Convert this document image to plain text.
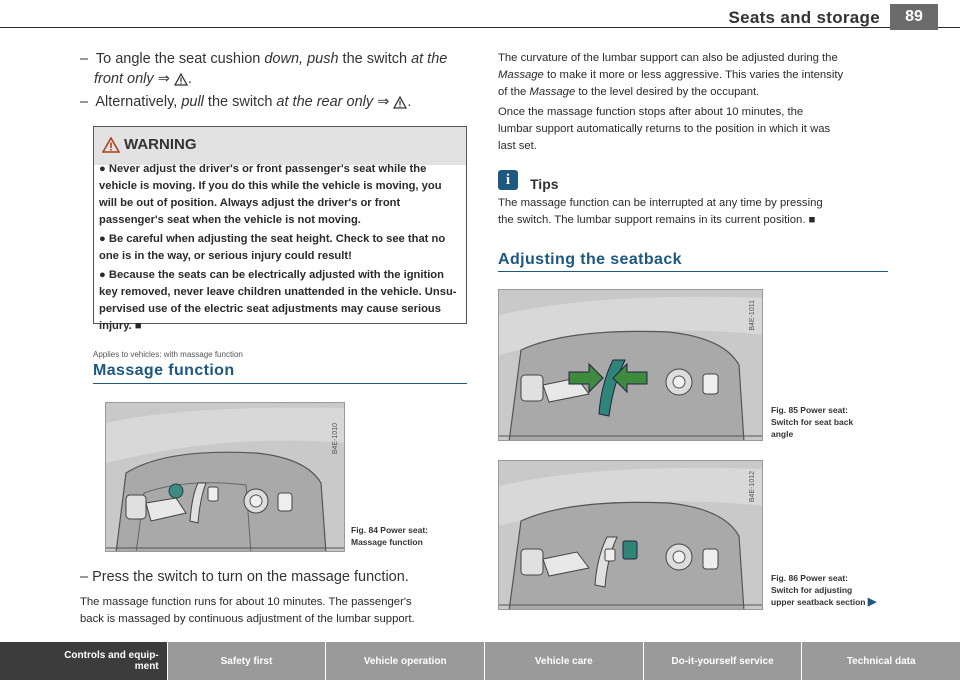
Seats and storage	89
– To angle the seat cushion down, push the switch at the
front only ⇒ .
– Alternatively, pull the switch at the rear only ⇒ .
WARNING
● Never adjust the driver's or front passenger's seat while the
vehicle is moving. If you do this while the vehicle is moving, you
will be out of position. Always adjust the driver's or front
passenger's seat when the vehicle is not moving.
● Be careful when adjusting the seat height. Check to see that no
one is in the way, or serious injury could result!
● Because the seats can be electrically adjusted with the ignition
key removed, never leave children unattended in the vehicle. Unsu-
pervised use of the electric seat adjustments may cause serious
injury. ■
Applies to vehicles: with massage function
Massage function
B4E-1010
Fig. 84 Power seat:
Massage function
– Press the switch to turn on the massage function.
The massage function runs for about 10 minutes. The passenger's
back is massaged by continuous adjustment of the lumbar support.
The curvature of the lumbar support can also be adjusted during the
Massage to make it more or less aggressive. This varies the intensity
of the Massage to the level desired by the occupant.
Once the massage function stops after about 10 minutes, the
lumbar support automatically returns to the position in which it was
last set.
i	Tips
The massage function can be interrupted at any time by pressing
the switch. The lumbar support remains in its current position. ■
Adjusting the seatback
B4E-1011
Fig. 85 Power seat:
Switch for seat back
angle
B4E-1012
Fig. 86 Power seat:
Switch for adjusting
upper seatback section ▶
Controls and equip-
ment	Safety first	Vehicle operation	Vehicle care	Do-it-yourself service	Technical data
